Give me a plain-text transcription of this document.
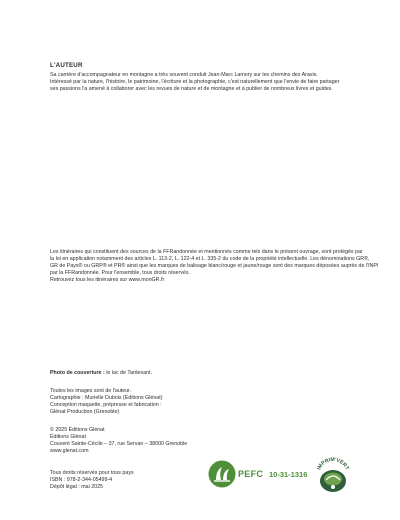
L'AUTEUR

Sa carrière d'accompagnateur en montagne a très souvent conduit Jean-Marc Lamory sur les chemins des Aravis.

Intéressé par la nature, l'histoire, le patrimoine, l'écriture et la photographie, c'est naturellement que l'envie de faire partager

ses passions l'a amené à collaborer avec les revues de nature et de montagne et à publier de nombreux livres et guides.

Les itinéraires qui constituent des sources de la FFRandonnée et mentionnés comme tels dans le présent ouvrage, sont protégés par

la loi en application notamment des articles L. 113-2, L. 122-4 et L. 335-2 du code de la propriété intellectuelle. Les dénominations GR®,

GR de Pays® ou GRP® et PR® ainsi que les marques de balisage blanc/rouge et jaune/rouge sont des marques déposées auprès de l'INPI

par la FFRandonnée. Pour l'ensemble, tous droits réservés.

Retrouvez tous les itinéraires sur www.monGR.fr

Photo de couverture : le lac de Tardevant.

Toutes les images sont de l'auteur.

Cartographie : Murielle Dubois (Éditions Glénat)

Conception maquette, prépresse et fabrication :

Glénat Production (Grenoble)

© 2025 Éditions Glénat

Éditions Glénat

Couvent Sainte-Cécile – 37, rue Servan – 38000 Grenoble

www.glenat.com

Tous droits réservés pour tous pays

ISBN : 978-2-344-05499-4

Dépôt légal : mai 2025

PEFC 10-31-1316
IMPRIM'VERT
